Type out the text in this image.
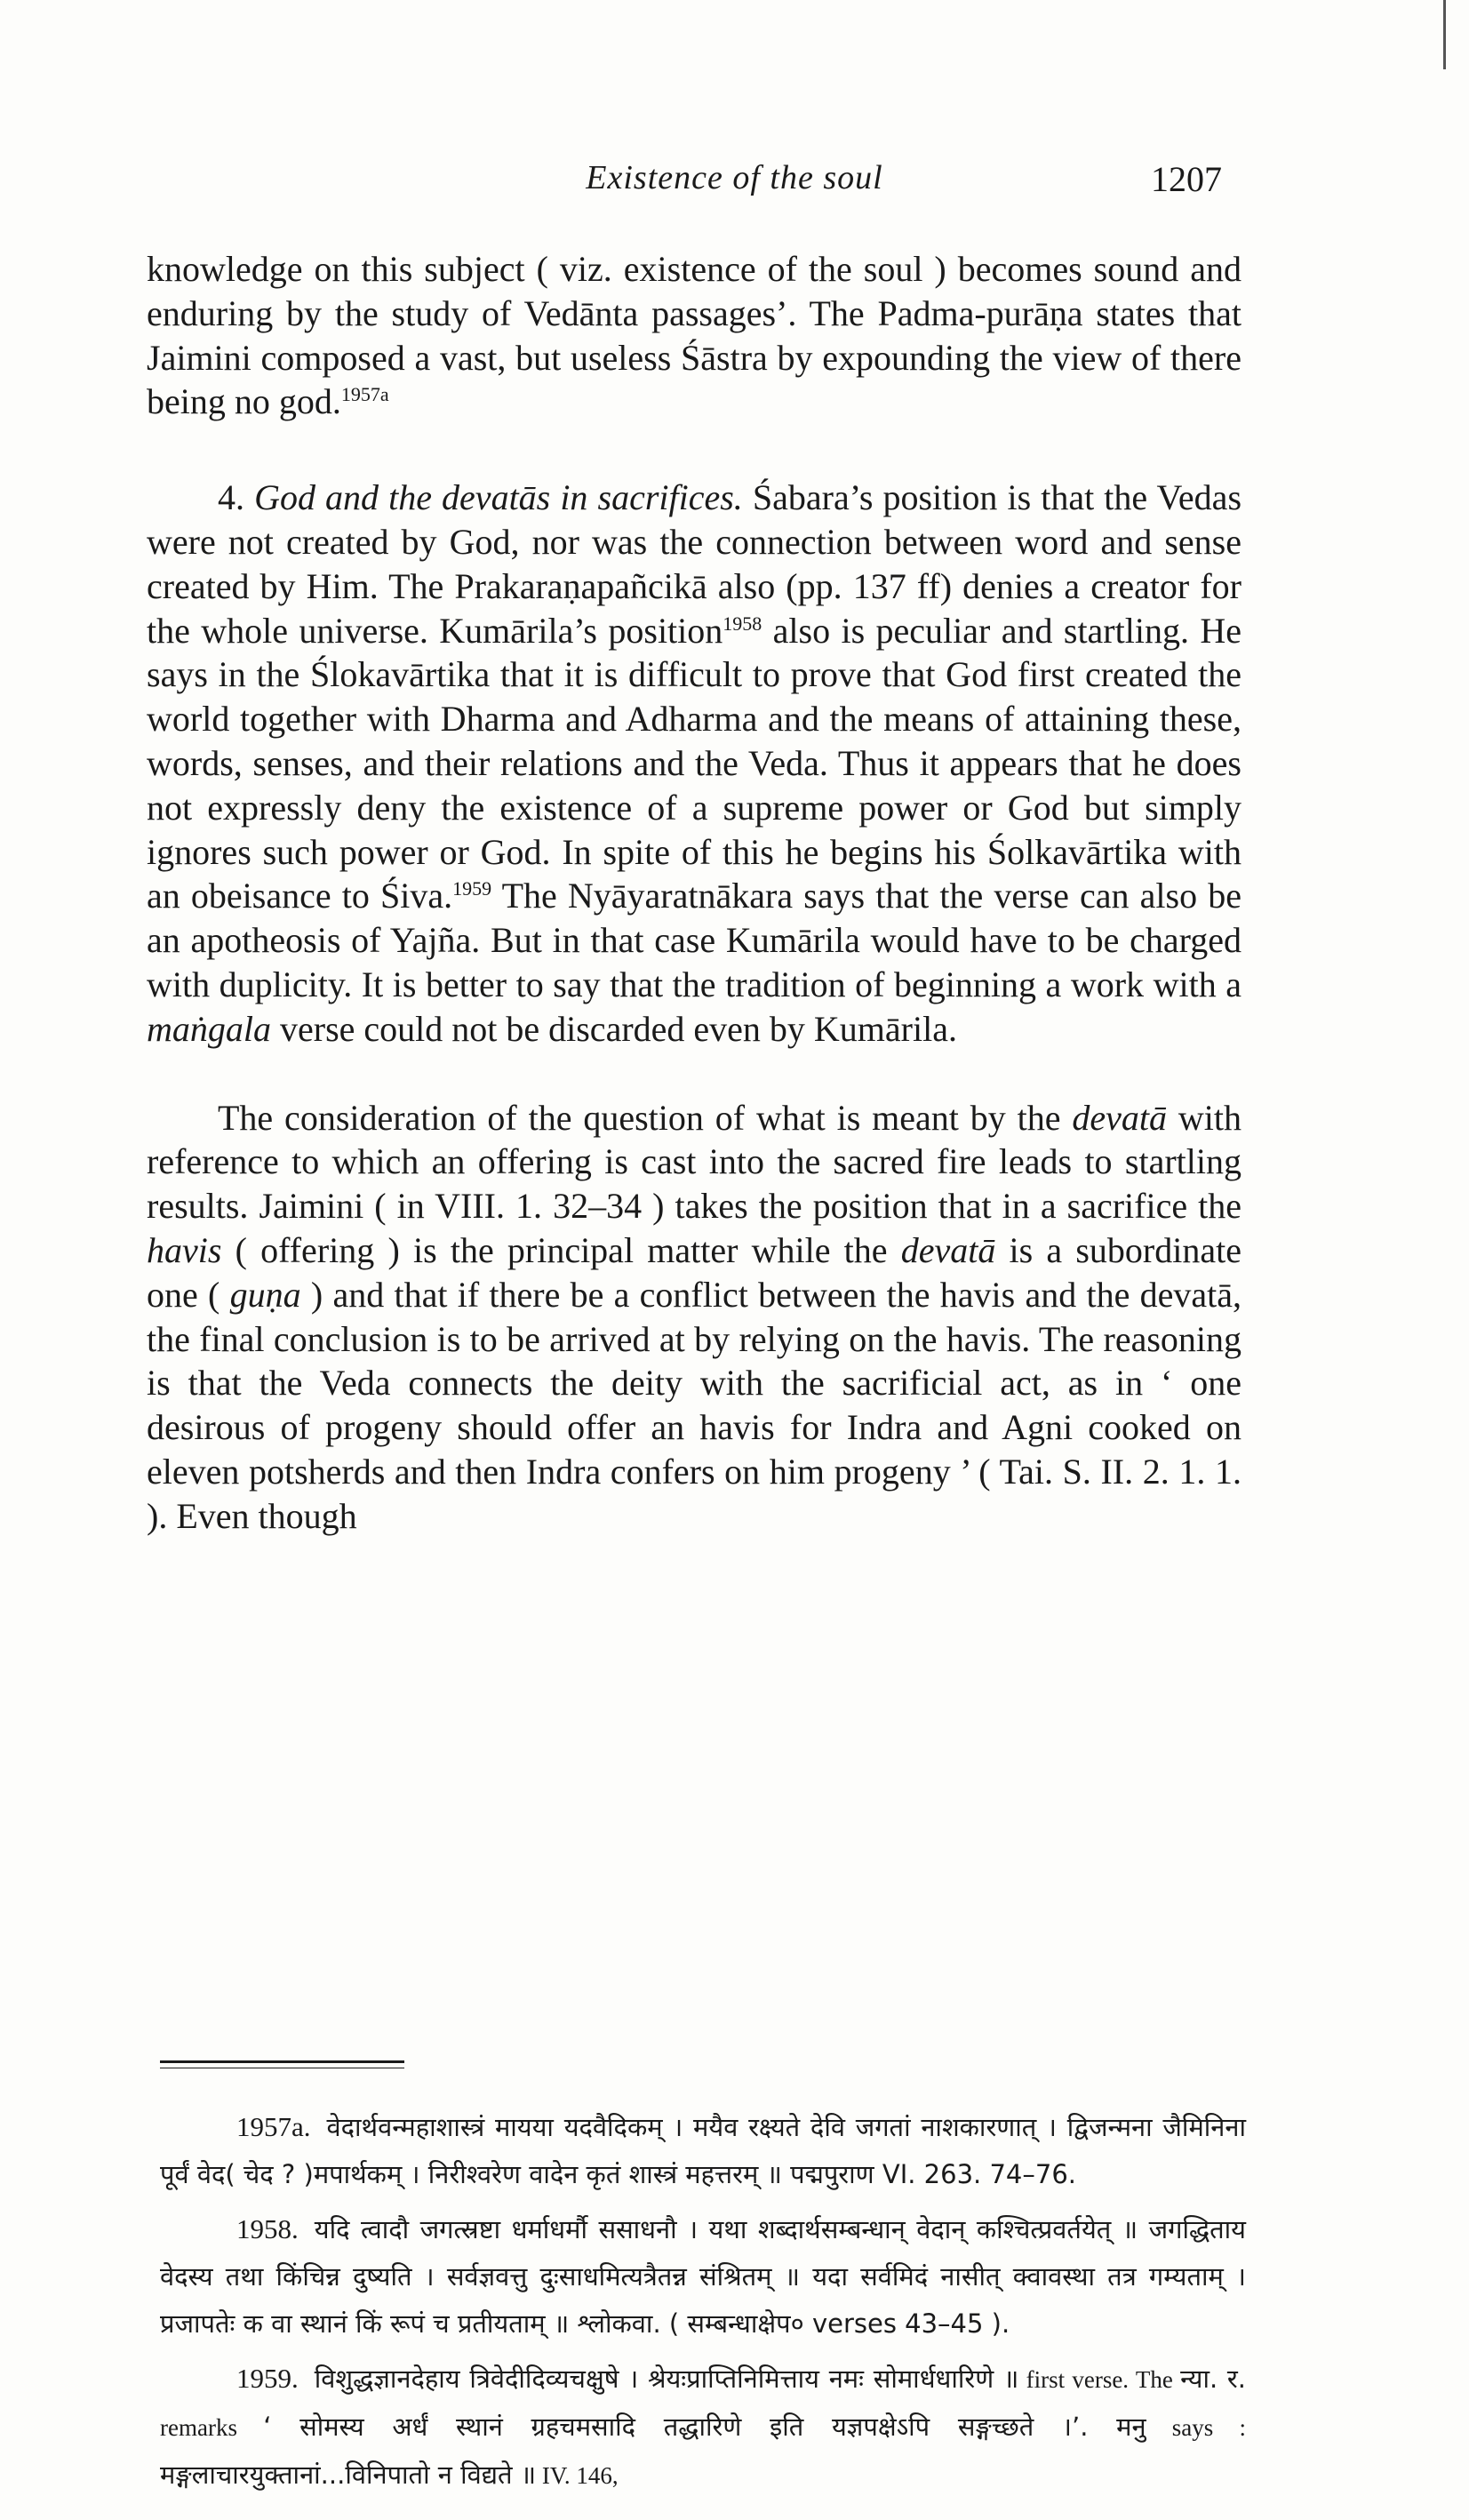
Existence of the soul	1207

knowledge on this subject ( viz. existence of the soul ) becomes sound and enduring by the study of Vedānta passages’. The Padma-purāṇa states that Jaimini composed a vast, but useless Śāstra by expounding the view of there being no god.$^{1957a}$

4. God and the devatās in sacrifices. Śabara’s position is that the Vedas were not created by God, nor was the connection between word and sense created by Him. The Prakaraṇapañcikā also (pp. 137 ff) denies a creator for the whole universe. Kumārila’s position$^{1958}$ also is peculiar and startling. He says in the Ślokavārtika that it is difficult to prove that God first created the world together with Dharma and Adharma and the means of attaining these, words, senses, and their relations and the Veda. Thus it appears that he does not expressly deny the existence of a supreme power or God but simply ignores such power or God. In spite of this he begins his Śolkavārtika with an obeisance to Śiva.$^{1959}$ The Nyāyaratnākara says that the verse can also be an apotheosis of Yajña. But in that case Kumārila would have to be charged with duplicity. It is better to say that the tradition of beginning a work with a maṅgala verse could not be discarded even by Kumārila.

The consideration of the question of what is meant by the devatā with reference to which an offering is cast into the sacred fire leads to startling results. Jaimini ( in VIII. 1. 32–34 ) takes the position that in a sacrifice the havis ( offering ) is the principal matter while the devatā is a subordinate one ( guṇa ) and that if there be a conflict between the havis and the devatā, the final conclusion is to be arrived at by relying on the havis. The reasoning is that the Veda connects the deity with the sacrificial act, as in ‘ one desirous of progeny should offer an havis for Indra and Agni cooked on eleven potsherds and then Indra confers on him progeny ’ ( Tai. S. II. 2. 1. 1. ). Even though

1957a. वेदार्थवन्महाशास्त्रं मायया यदवैदिकम् । मयैव रक्ष्यते देवि जगतां नाशकारणात् । द्विजन्मना जैमिनिना पूर्वं वेद( चेद ? )मपार्थकम् । निरीश्वरेण वादेन कृतं शास्त्रं महत्तरम् ॥ पद्मपुराण VI. 263. 74–76.

1958. यदि त्वादौ जगत्स्रष्टा धर्माधर्मौ ससाधनौ । यथा शब्दार्थसम्बन्धान् वेदान् कश्चित्प्रवर्तयेत् ॥ जगद्धिताय वेदस्य तथा किंचिन्न दुष्यति । सर्वज्ञवत्तु दुःसाधमित्यत्रैतन्न संश्रितम् ॥ यदा सर्वमिदं नासीत् क्वावस्था तत्र गम्यताम् । प्रजापतेः क वा स्थानं किं रूपं च प्रतीयताम् ॥ श्लोकवा. ( सम्बन्धाक्षेप० verses 43–45 ).

1959. विशुद्धज्ञानदेहाय त्रिवेदीदिव्यचक्षुषे । श्रेयःप्राप्तिनिमित्ताय नमः सोमार्धधारिणे ॥ first verse. The न्या. र. remarks ‘ सोमस्य अर्धं स्थानं ग्रहचमसादि तद्धारिणे इति यज्ञपक्षेऽपि सङ्गच्छते ।’. मनु says : मङ्गलाचारयुक्तानां...विनिपातो न विद्यते ॥ IV. 146,
